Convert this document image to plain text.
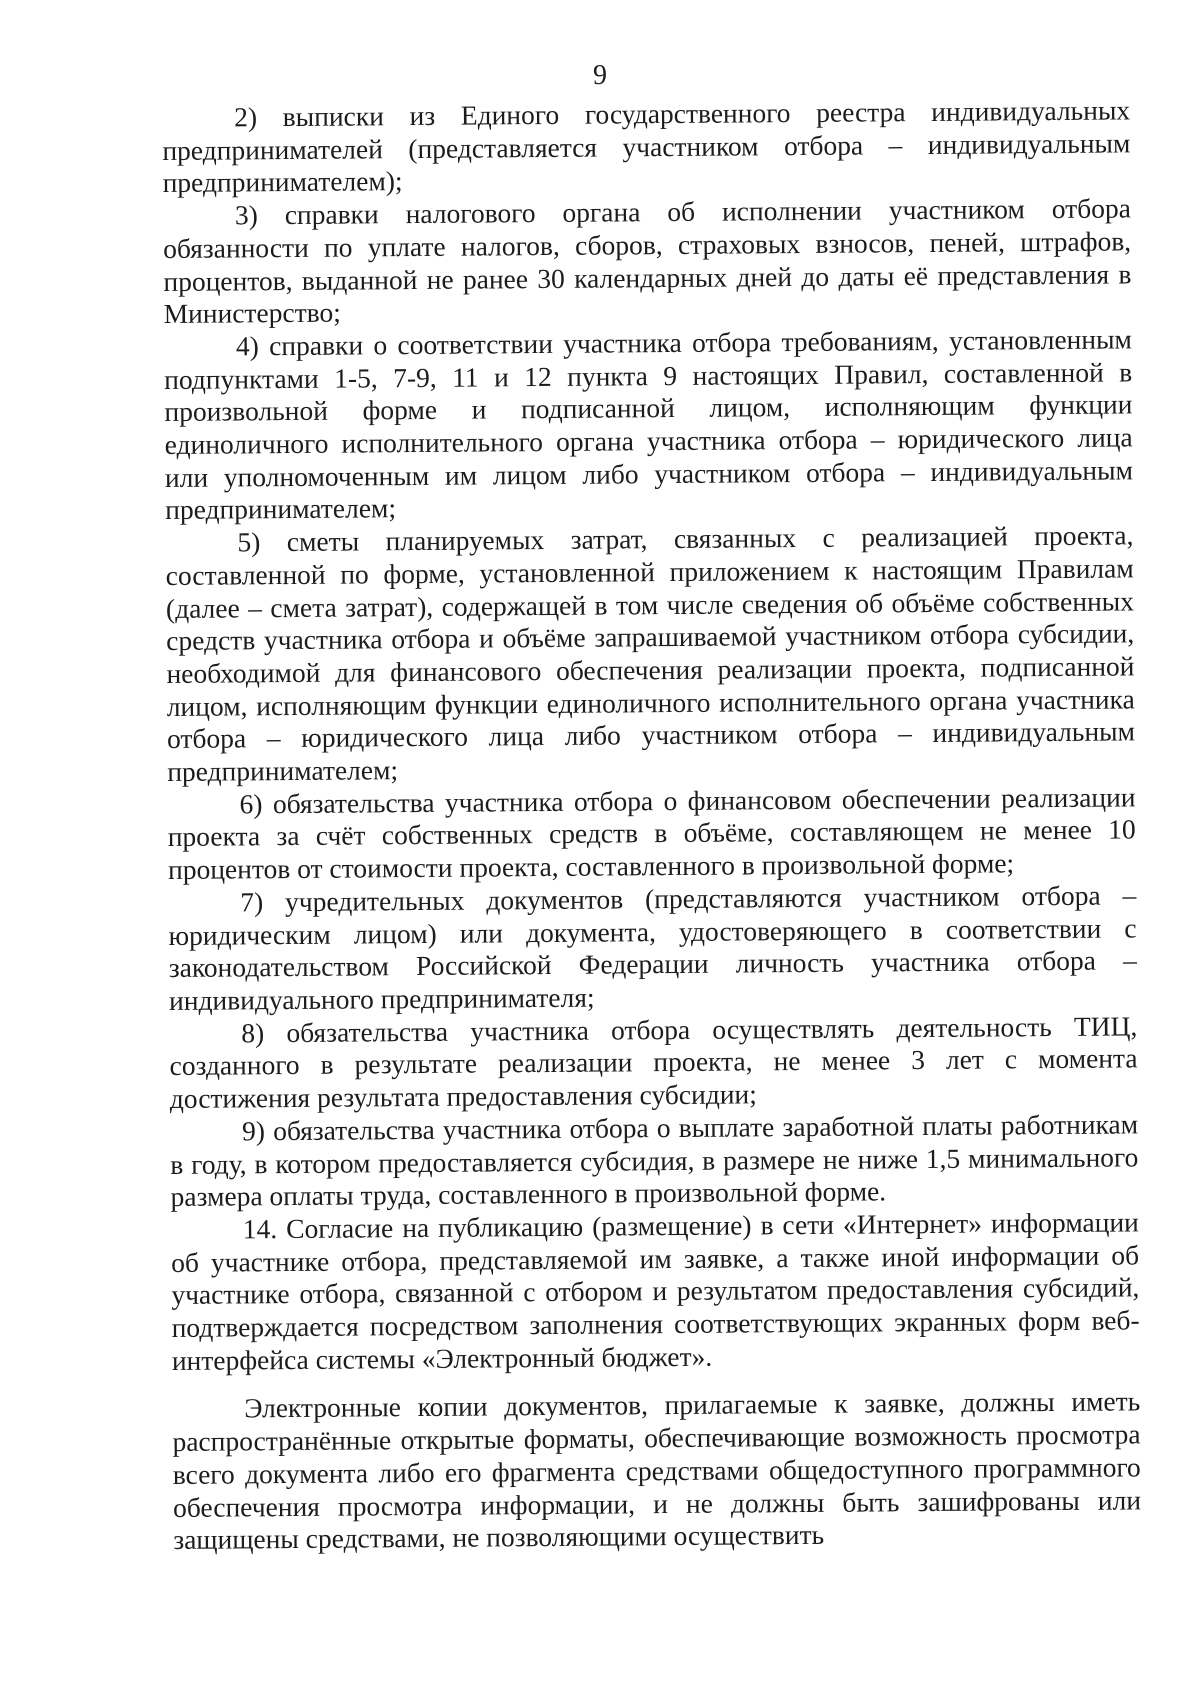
9

2) выписки из Единого государственного реестра индивидуальных предпринимателей (представляется участником отбора – индивидуальным предпринимателем);

3) справки налогового органа об исполнении участником отбора обязанности по уплате налогов, сборов, страховых взносов, пеней, штрафов, процентов, выданной не ранее 30 календарных дней до даты её представления в Министерство;

4) справки о соответствии участника отбора требованиям, установленным подпунктами 1-5, 7-9, 11 и 12 пункта 9 настоящих Правил, составленной в произвольной форме и подписанной лицом, исполняющим функции единоличного исполнительного органа участника отбора – юридического лица или уполномоченным им лицом либо участником отбора – индивидуальным предпринимателем;

5) сметы планируемых затрат, связанных с реализацией проекта, составленной по форме, установленной приложением к настоящим Правилам (далее – смета затрат), содержащей в том числе сведения об объёме собственных средств участника отбора и объёме запрашиваемой участником отбора субсидии, необходимой для финансового обеспечения реализации проекта, подписанной лицом, исполняющим функции единоличного исполнительного органа участника отбора – юридического лица либо участником отбора – индивидуальным предпринимателем;

6) обязательства участника отбора о финансовом обеспечении реализации проекта за счёт собственных средств в объёме, составляющем не менее 10 процентов от стоимости проекта, составленного в произвольной форме;

7) учредительных документов (представляются участником отбора – юридическим лицом) или документа, удостоверяющего в соответствии с законодательством Российской Федерации личность участника отбора – индивидуального предпринимателя;

8) обязательства участника отбора осуществлять деятельность ТИЦ, созданного в результате реализации проекта, не менее 3 лет с момента достижения результата предоставления субсидии;

9) обязательства участника отбора о выплате заработной платы работникам в году, в котором предоставляется субсидия, в размере не ниже 1,5 минимального размера оплаты труда, составленного в произвольной форме.

14. Согласие на публикацию (размещение) в сети «Интернет» информации об участнике отбора, представляемой им заявке, а также иной информации об участнике отбора, связанной с отбором и результатом предоставления субсидий, подтверждается посредством заполнения соответствующих экранных форм веб-интерфейса системы «Электронный бюджет».

Электронные копии документов, прилагаемые к заявке, должны иметь распространённые открытые форматы, обеспечивающие возможность просмотра всего документа либо его фрагмента средствами общедоступного программного обеспечения просмотра информации, и не должны быть зашифрованы или защищены средствами, не позволяющими осуществить
